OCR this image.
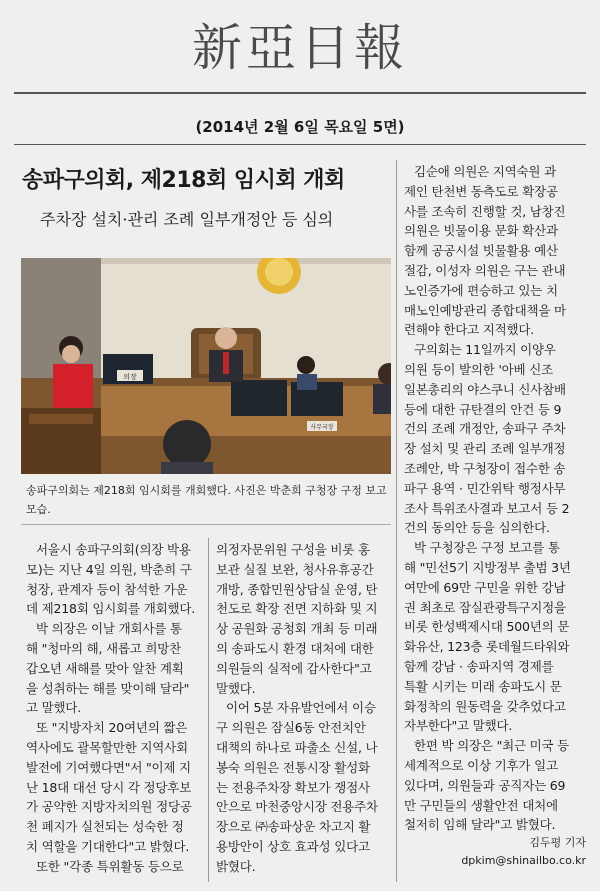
新亞日報
(2014년 2월 6일 목요일 5면)
송파구의회, 제218회 임시회 개회
주차장 설치·관리 조례 일부개정안 등 심의
의장
사무국장
송파구의회는 제218회 임시회를 개회했다. 사진은 박춘희 구청장 구정 보고 모습.

김순애 의원은 지역숙원 과

제인 탄천변 동측도로 확장공

사를 조속히 진행할 것, 남창진

의원은 빗물이용 문화 확산과

함께 공공시설 빗물활용 예산

절감, 이성자 의원은 구는 관내

노인증가에 편승하고 있는 치

매노인예방관리 종합대책을 마

련해야 한다고 지적했다.

구의회는 11일까지 이양우

의원 등이 발의한 '아베 신조

일본총리의 야스쿠니 신사참배

등에 대한 규탄결의 안건 등 9

건의 조례 개정안, 송파구 주차

장 설치 및 관리 조례 일부개정

조례안, 박 구청장이 접수한 송

파구 용역 · 민간위탁 행정사무

조사 특위조사결과 보고서 등 2

건의 동의안 등을 심의한다.

박 구청장은 구정 보고를 통

해 "민선5기 지방정부 출범 3년

여만에 69만 구민을 위한 강남

권 최초로 잠실관광특구지정을

비롯 한성백제시대 500년의 문

화유산, 123층 롯데월드타워와

함께 강남 · 송파지역 경제를

특활 시키는 미래 송파도시 문

화정착의 원동력을 갖추었다고

자부한다"고 말했다.

한편 박 의장은 "최근 미국 등

세계적으로 이상 기후가 일고

있다며, 의원들과 공직자는 69

만 구민들의 생활안전 대처에

철저히 임해 달라"고 밝혔다.

서울시 송파구의회(의장 박용

모)는 지난 4일 의원, 박춘희 구

청장, 관계자 등이 참석한 가운

데 제218회 임시회를 개회했다.

박 의장은 이날 개회사를 통

해 "청마의 해, 새롭고 희망찬

갑오년 새해를 맞아 알찬 계획

을 성취하는 해를 맞이해 달라"

고 말했다.

또 "지방자치 20여년의 짧은

역사에도 괄목할만한 지역사회

발전에 기여했다면"서 "이제 지

난 18대 대선 당시 각 정당후보

가 공약한 지방자치의원 정당공

천 폐지가 실천되는 성숙한 정

치 역할을 기대한다"고 밝혔다.

또한 "각종 특위활동 등으로

의정자문위원 구성을 비롯 홍

보관 실질 보완, 청사유휴공간

개방, 종합민원상담실 운영, 탄

천도로 확장 전면 지하화 및 지

상 공원화 공청회 개최 등 미래

의 송파도시 환경 대처에 대한

의원들의 실적에 감사한다"고

말했다.

이어 5분 자유발언에서 이승

구 의원은 잠실6동 안전치안

대책의 하나로 파출소 신설, 나

봉숙 의원은 전통시장 활성화

는 전용주차장 확보가 쟁점사

안으로 마천중앙시장 전용주차

장으로 ㈜송파상운 차고지 활

용방안이 상호 효과성 있다고

밝혔다.

김두평 기자
dpkim@shinailbo.co.kr
